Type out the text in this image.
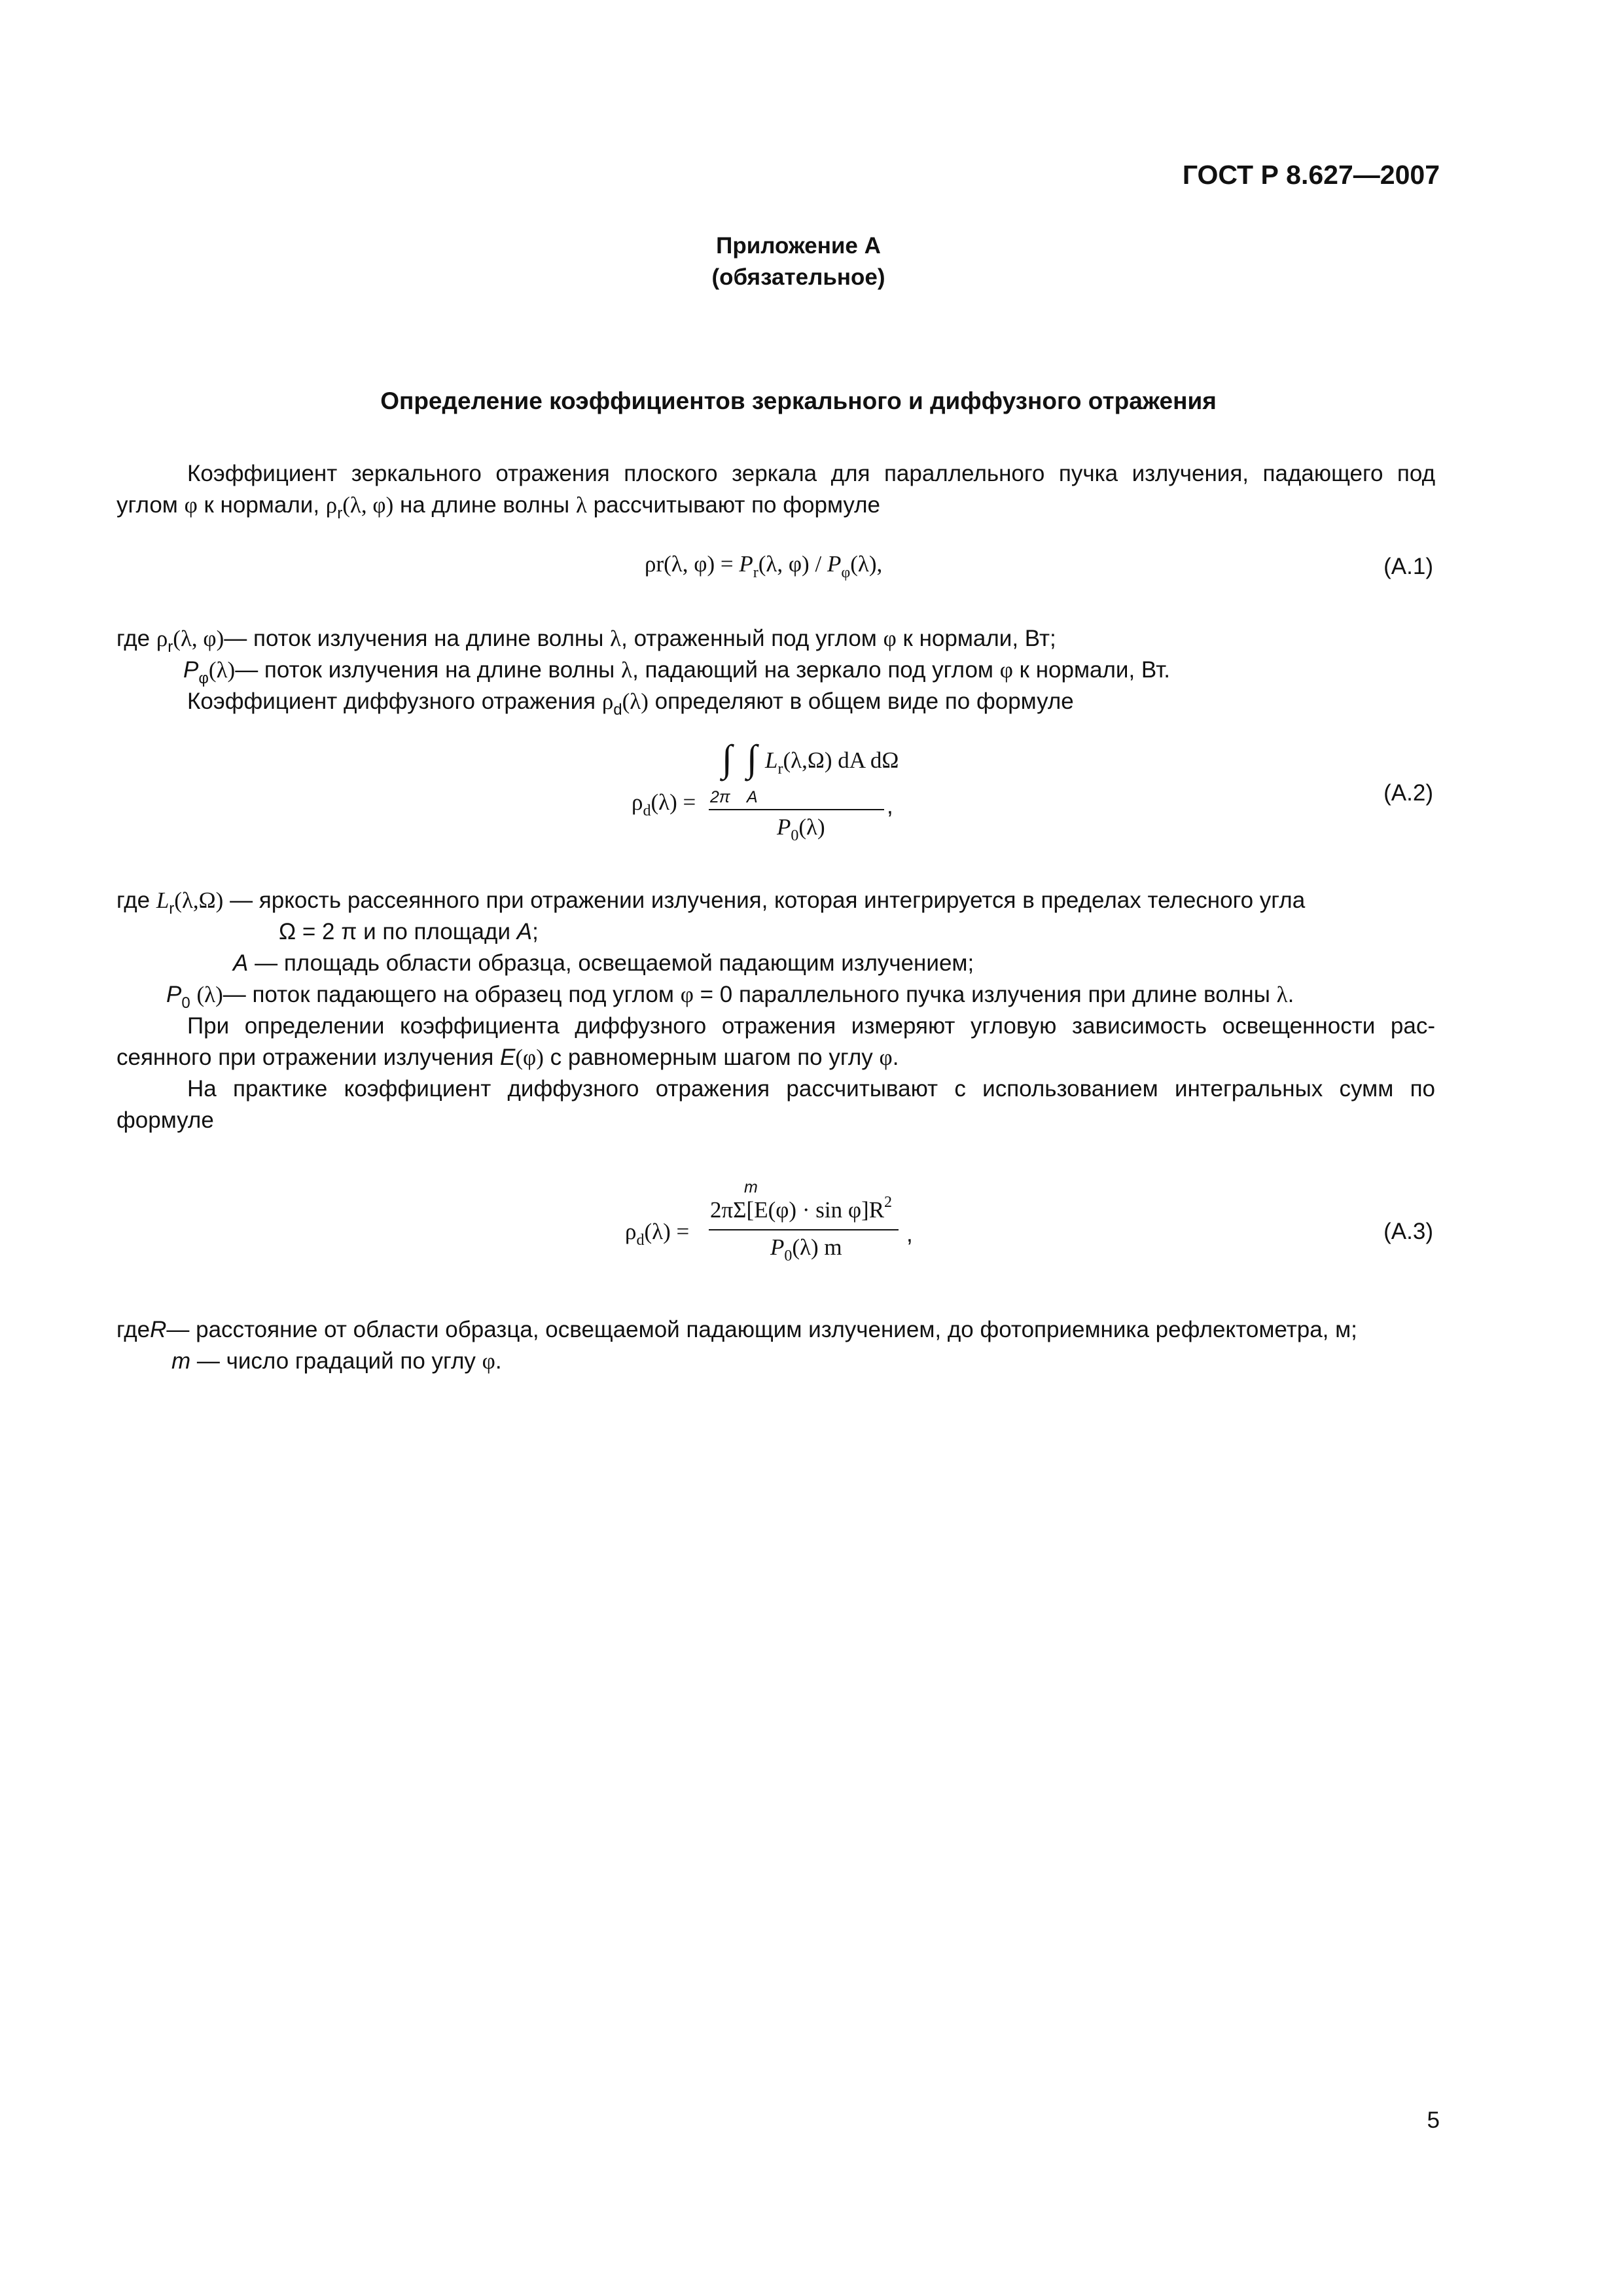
ГОСТ Р 8.627—2007
Приложение А
(обязательное)
Определение коэффициентов зеркального и диффузного отражения
Коэффициент зеркального отражения плоского зеркала для параллельного пучка излучения, падающего под
углом φ к нормали, $\rho_r(\lambda$, φ) на длине волны λ рассчитывают по формуле
ρr(λ, $\varphi) = P_r(\lambda$, $\varphi) / P_\varphi(\lambda)$,	(А.1)
где $\rho_r(\lambda$, φ)— поток излучения на длине волны λ, отраженный под углом φ к нормали, Вт;
$P_\varphi(\lambda)—$ поток излучения на длине волны λ, падающий на зеркало под углом φ к нормали, Вт.
Коэффициент диффузного отражения $\rho_d(\lambda)$ определяют в общем виде по формуле
$\rho_d(\lambda)$ =
∫ ∫
2π A
$L_r(\lambda,\Omega)$ dA dΩ
$P_0(\lambda)$
,
(А.2)
где $L_r(\lambda,\Omega)$ — яркость рассеянного при отражении излучения, которая интегрируется в пределах телесного угла
Ω = 2 π и по площади A;
A — площадь области образца, освещаемой падающим излучением;
$P_0$ (λ)— поток падающего на образец под углом φ = 0 параллельного пучка излучения при длине волны λ.
При определении коэффициента диффузного отражения измеряют угловую зависимость освещенности рас-
сеянного при отражении излучения E(φ) с равномерным шагом по углу φ.
На практике коэффициент диффузного отражения рассчитывают с использованием интегральных сумм по
формуле
$\rho_d(\lambda)$ =
m
$2\pi\Sigma[E(\varphi) \cdot \sin \varphi]R^2$
$P_0(\lambda)$ m
,	(А.3)
гдеR— расстояние от области образца, освещаемой падающим излучением, до фотоприемника рефлектометра, м;
m — число градаций по углу φ.
5
